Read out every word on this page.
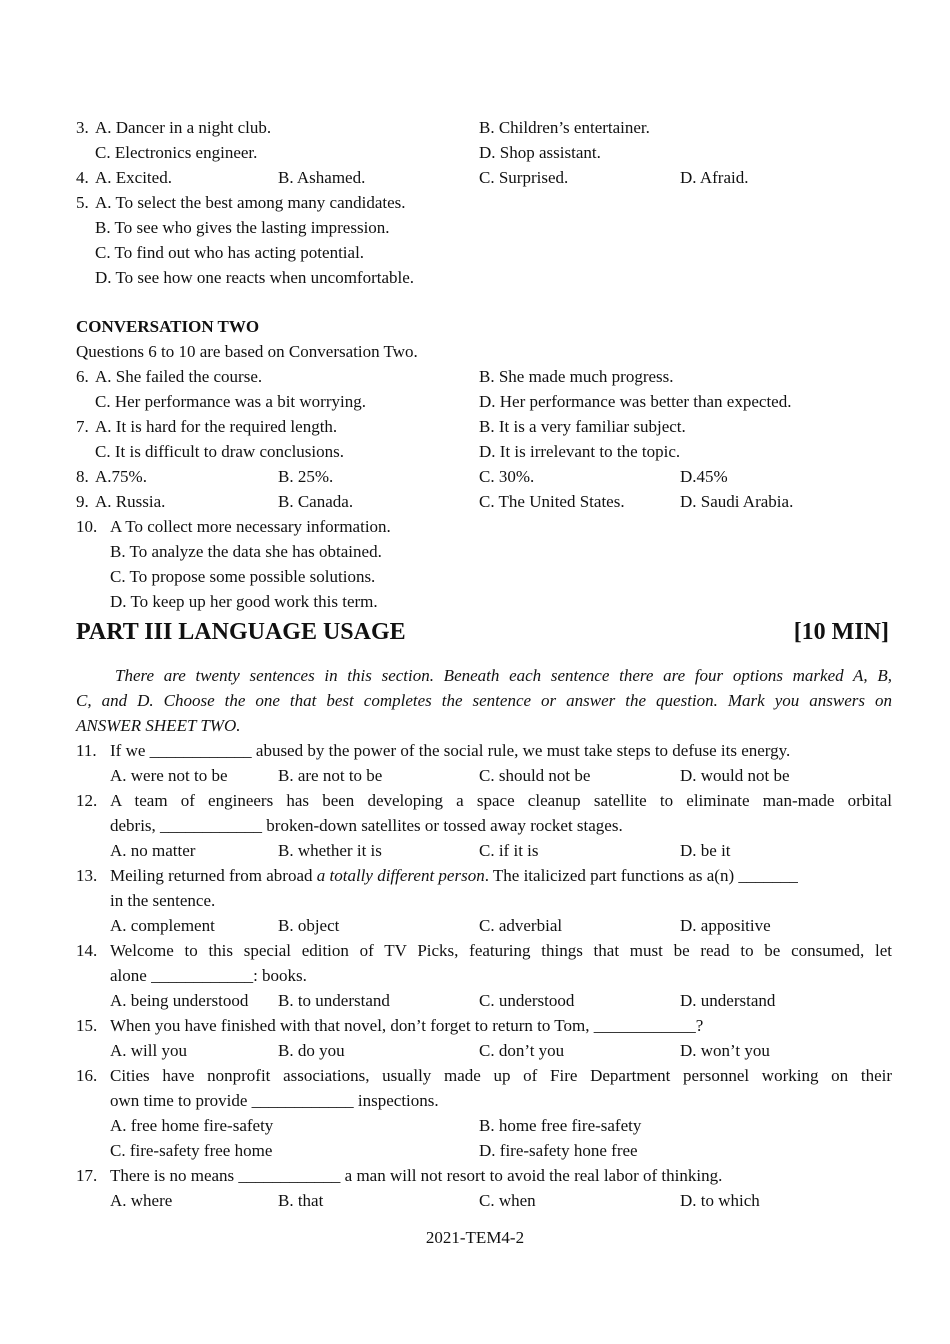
3. A. Dancer in a night club.	B. Children’s entertainer.
C. Electronics engineer.	D. Shop assistant.
4. A. Excited.	B. Ashamed.	C. Surprised.	D. Afraid.
5. A. To select the best among many candidates.
B. To see who gives the lasting impression.
C. To find out who has acting potential.
D. To see how one reacts when uncomfortable.
CONVERSATION TWO
Questions 6 to 10 are based on Conversation Two.
6. A. She failed the course.	B. She made much progress.
C. Her performance was a bit worrying.	D. Her performance was better than expected.
7. A. It is hard for the required length.	B. It is a very familiar subject.
C. It is difficult to draw conclusions.	D. It is irrelevant to the topic.
8. A.75%.	B. 25%.	C. 30%.	D.45%
9. A. Russia.	B. Canada.	C. The United States.	D. Saudi Arabia.
10. A To collect more necessary information.
B. To analyze the data she has obtained.
C. To propose some possible solutions.
D. To keep up her good work this term.
PART III LANGUAGE USAGE	[10 MIN]
There are twenty sentences in this section. Beneath each sentence there are four options marked A, B,
C, and D. Choose the one that best completes the sentence or answer the question. Mark you answers on
ANSWER SHEET TWO.
11. If we ____________ abused by the power of the social rule, we must take steps to defuse its energy.
A. were not to be	B. are not to be	C. should not be	D. would not be
12. A team of engineers has been developing a space cleanup satellite to eliminate man-made orbital
debris, ____________ broken-down satellites or tossed away rocket stages.
A. no matter	B. whether it is	C. if it is	D. be it
13. Meiling returned from abroad a totally different person. The italicized part functions as a(n) _______
in the sentence.
A. complement	B. object	C. adverbial	D. appositive
14. Welcome to this special edition of TV Picks, featuring things that must be read to be consumed, let
alone ____________: books.
A. being understood B. to understand	C. understood	D. understand
15. When you have finished with that novel, don’t forget to return to Tom, ____________?
A. will you	B. do you	C. don’t you	D. won’t you
16. Cities have nonprofit associations, usually made up of Fire Department personnel working on their
own time to provide ____________ inspections.
A. free home fire-safety	B. home free fire-safety
C. fire-safety free home	D. fire-safety hone free
17. There is no means ____________ a man will not resort to avoid the real labor of thinking.
A. where	B. that	C. when	D. to which
2021-TEM4-2
